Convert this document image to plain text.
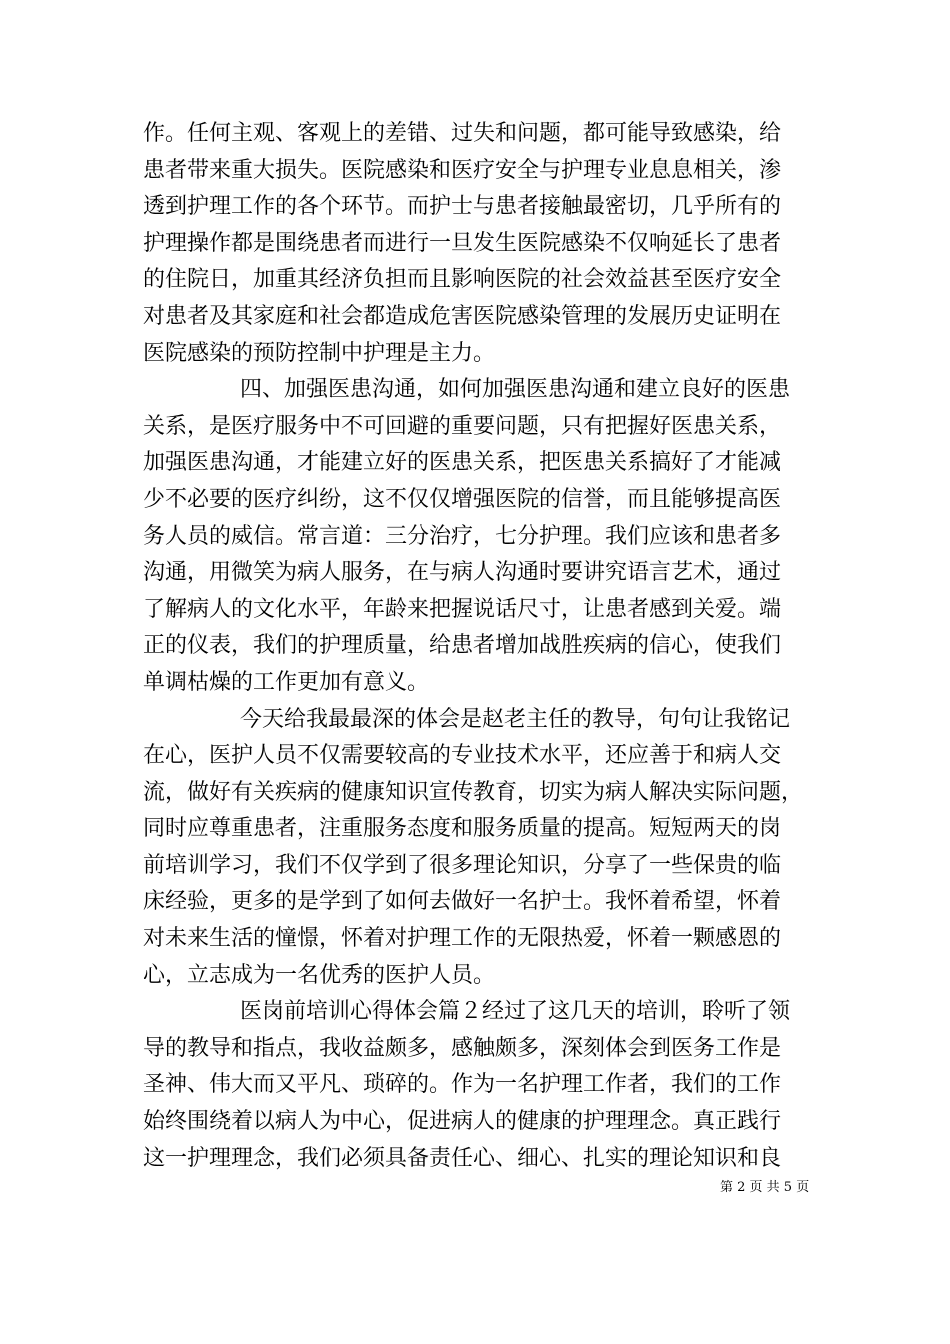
作。任何主观、客观上的差错、过失和问题，都可能导致感染，给
患者带来重大损失。医院感染和医疗安全与护理专业息息相关，渗
透到护理工作的各个环节。而护士与患者接触最密切，几乎所有的
护理操作都是围绕患者而进行一旦发生医院感染不仅响延长了患者
的住院日，加重其经济负担而且影响医院的社会效益甚至医疗安全
对患者及其家庭和社会都造成危害医院感染管理的发展历史证明在
医院感染的预防控制中护理是主力。
四、加强医患沟通，如何加强医患沟通和建立良好的医患
关系，是医疗服务中不可回避的重要问题，只有把握好医患关系，
加强医患沟通，才能建立好的医患关系，把医患关系搞好了才能减
少不必要的医疗纠纷，这不仅仅增强医院的信誉，而且能够提高医
务人员的威信。常言道：三分治疗，七分护理。我们应该和患者多
沟通，用微笑为病人服务，在与病人沟通时要讲究语言艺术，通过
了解病人的文化水平，年龄来把握说话尺寸，让患者感到关爱。端
正的仪表，我们的护理质量，给患者增加战胜疾病的信心，使我们
单调枯燥的工作更加有意义。
今天给我最最深的体会是赵老主任的教导，句句让我铭记
在心，医护人员不仅需要较高的专业技术水平，还应善于和病人交
流，做好有关疾病的健康知识宣传教育，切实为病人解决实际问题，
同时应尊重患者，注重服务态度和服务质量的提高。短短两天的岗
前培训学习，我们不仅学到了很多理论知识，分享了一些保贵的临
床经验，更多的是学到了如何去做好一名护士。我怀着希望，怀着
对未来生活的憧憬，怀着对护理工作的无限热爱，怀着一颗感恩的
心，立志成为一名优秀的医护人员。
医岗前培训心得体会篇２经过了这几天的培训，聆听了领
导的教导和指点，我收益颇多，感触颇多，深刻体会到医务工作是
圣神、伟大而又平凡、琐碎的。作为一名护理工作者，我们的工作
始终围绕着以病人为中心，促进病人的健康的护理理念。真正践行
这一护理理念，我们必须具备责任心、细心、扎实的理论知识和良
第 2 页 共 5 页
